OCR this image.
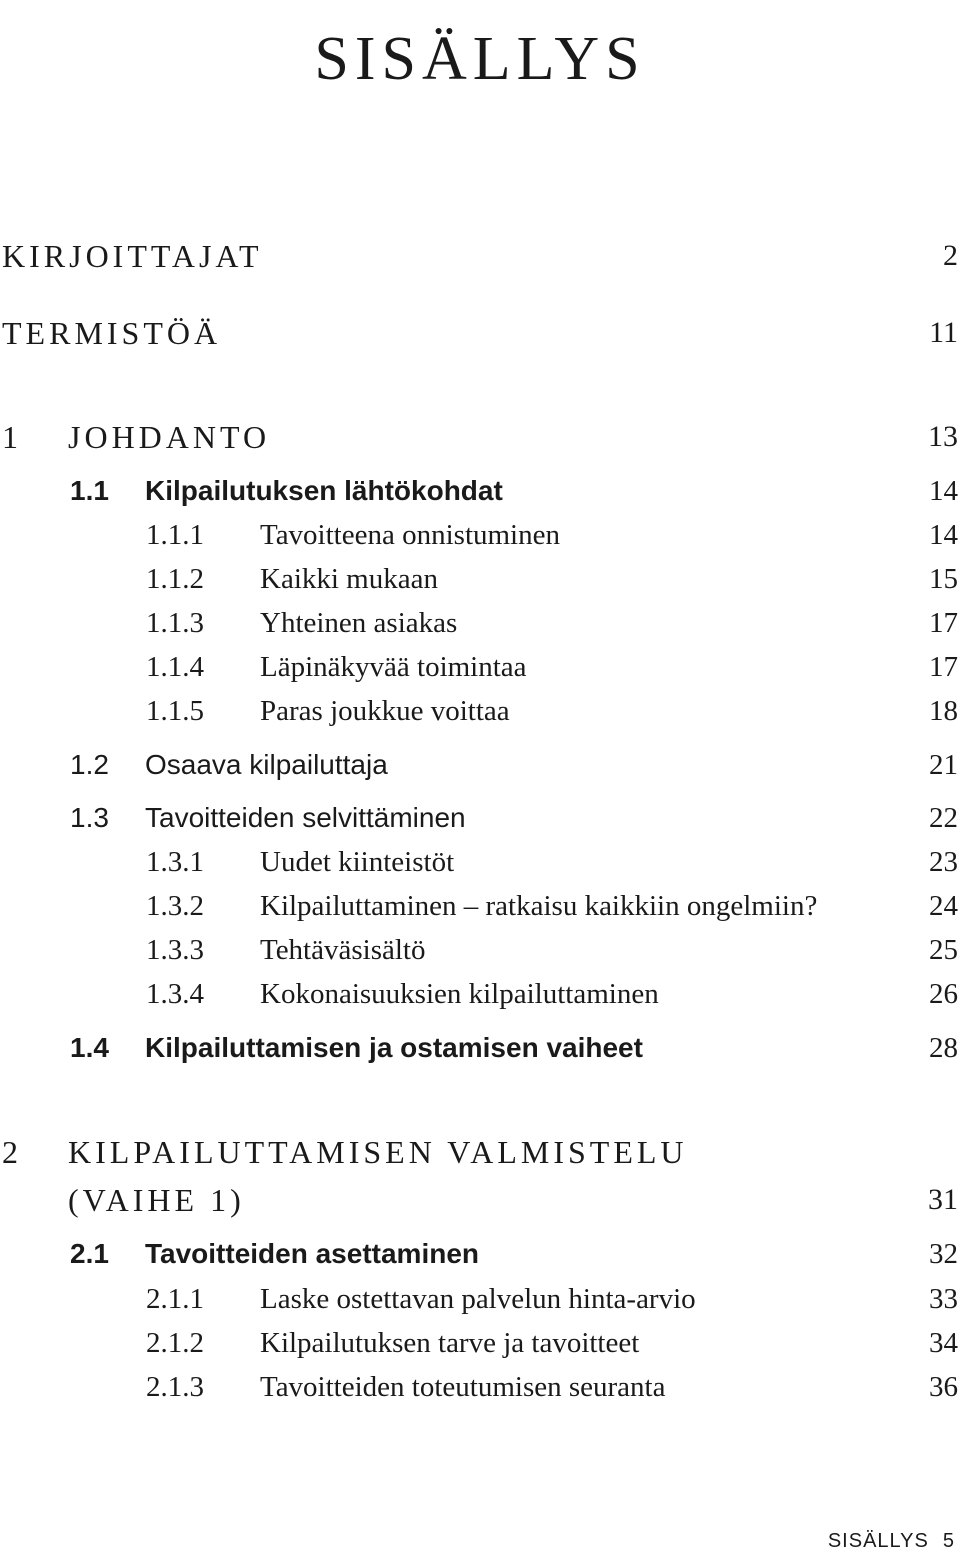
SISÄLLYS
KIRJOITTAJAT	2
TERMISTÖÄ	11
1 JOHDANTO	13
1.1 Kilpailutuksen lähtökohdat	14
1.1.1 Tavoitteena onnistuminen	14
1.1.2 Kaikki mukaan	15
1.1.3 Yhteinen asiakas	17
1.1.4 Läpinäkyvää toimintaa	17
1.1.5 Paras joukkue voittaa	18
1.2 Osaava kilpailuttaja	21
1.3 Tavoitteiden selvittäminen	22
1.3.1 Uudet kiinteistöt	23
1.3.2 Kilpailuttaminen – ratkaisu kaikkiin ongelmiin?	24
1.3.3 Tehtäväsisältö	25
1.3.4 Kokonaisuuksien kilpailuttaminen	26
1.4 Kilpailuttamisen ja ostamisen vaiheet	28
2 KILPAILUTTAMISEN VALMISTELU
(VAIHE 1)	31
2.1 Tavoitteiden asettaminen	32
2.1.1 Laske ostettavan palvelun hinta-arvio	33
2.1.2 Kilpailutuksen tarve ja tavoitteet	34
2.1.3 Tavoitteiden toteutumisen seuranta	36
SISÄLLYS 5
